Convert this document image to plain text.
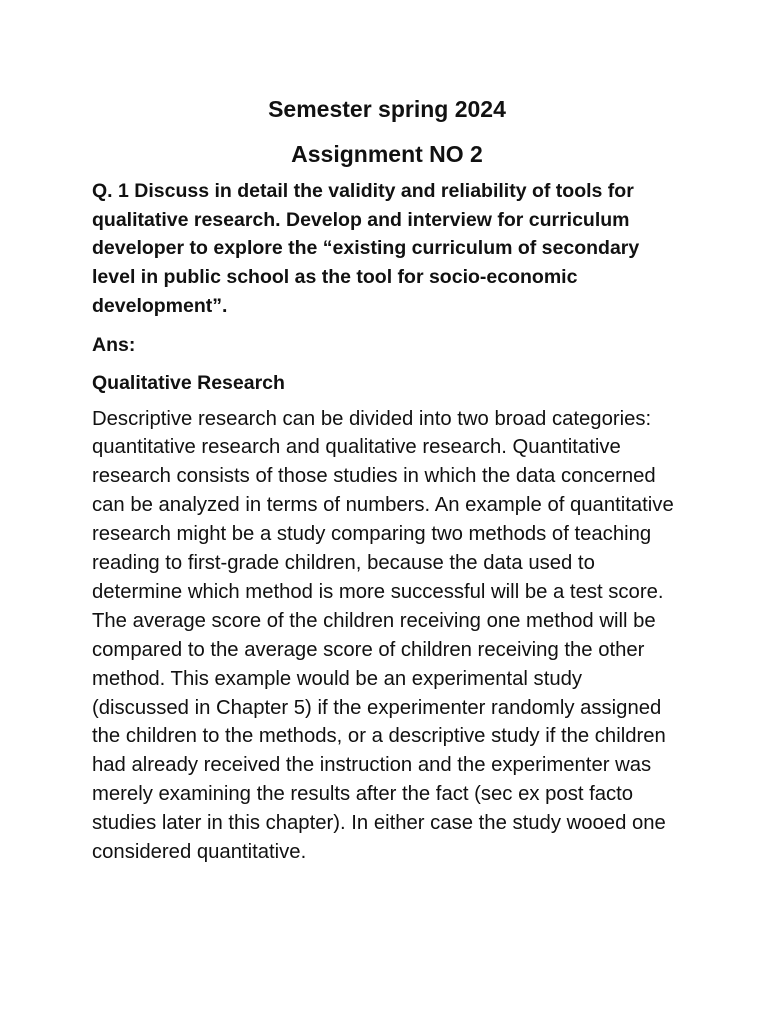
Semester spring 2024
Assignment NO 2

Q. 1 Discuss in detail the validity and reliability of tools for qualitative research. Develop and interview for curriculum developer to explore the “existing curriculum of secondary level in public school as the tool for socio-economic development”.

Ans:

Qualitative Research

Descriptive research can be divided into two broad categories: quantitative research and qualitative research. Quantitative research consists of those studies in which the data concerned can be analyzed in terms of numbers. An example of quantitative research might be a study comparing two methods of teaching reading to first-grade children, because the data used to determine which method is more successful will be a test score. The average score of the children receiving one method will be compared to the average score of children receiving the other method. This example would be an experimental study (discussed in Chapter 5) if the experimenter randomly assigned the children to the methods, or a descriptive study if the children had already received the instruction and the experimenter was merely examining the results after the fact (sec ex post facto studies later in this chapter). In either case the study wooed one considered quantitative.
